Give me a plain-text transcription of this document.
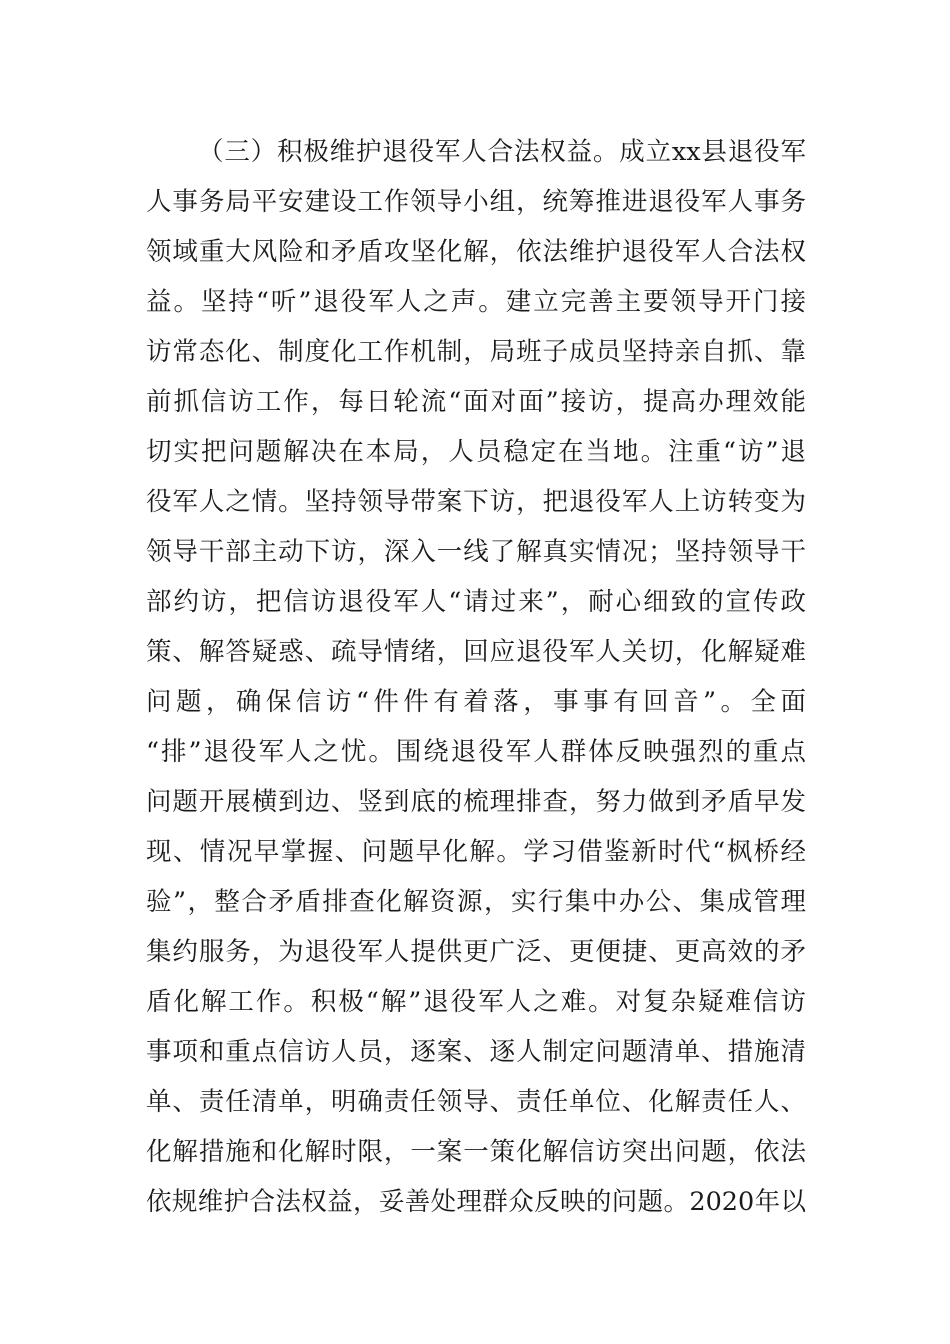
（三）积极维护退役军人合法权益。成立xx县退役军
人事务局平安建设工作领导小组，统筹推进退役军人事务
领域重大风险和矛盾攻坚化解，依法维护退役军人合法权
益。坚持“听”退役军人之声。建立完善主要领导开门接
访常态化、制度化工作机制，局班子成员坚持亲自抓、靠
前抓信访工作，每日轮流“面对面”接访，提高办理效能
切实把问题解决在本局，人员稳定在当地。注重“访”退
役军人之情。坚持领导带案下访，把退役军人上访转变为
领导干部主动下访，深入一线了解真实情况；坚持领导干
部约访，把信访退役军人“请过来”，耐心细致的宣传政
策、解答疑惑、疏导情绪，回应退役军人关切，化解疑难
问题，确保信访“件件有着落，事事有回音”。全面
“排”退役军人之忧。围绕退役军人群体反映强烈的重点
问题开展横到边、竖到底的梳理排查，努力做到矛盾早发
现、情况早掌握、问题早化解。学习借鉴新时代“枫桥经
验”，整合矛盾排查化解资源，实行集中办公、集成管理
集约服务，为退役军人提供更广泛、更便捷、更高效的矛
盾化解工作。积极“解”退役军人之难。对复杂疑难信访
事项和重点信访人员，逐案、逐人制定问题清单、措施清
单、责任清单，明确责任领导、责任单位、化解责任人、
化解措施和化解时限，一案一策化解信访突出问题，依法
依规维护合法权益，妥善处理群众反映的问题。2020年以
